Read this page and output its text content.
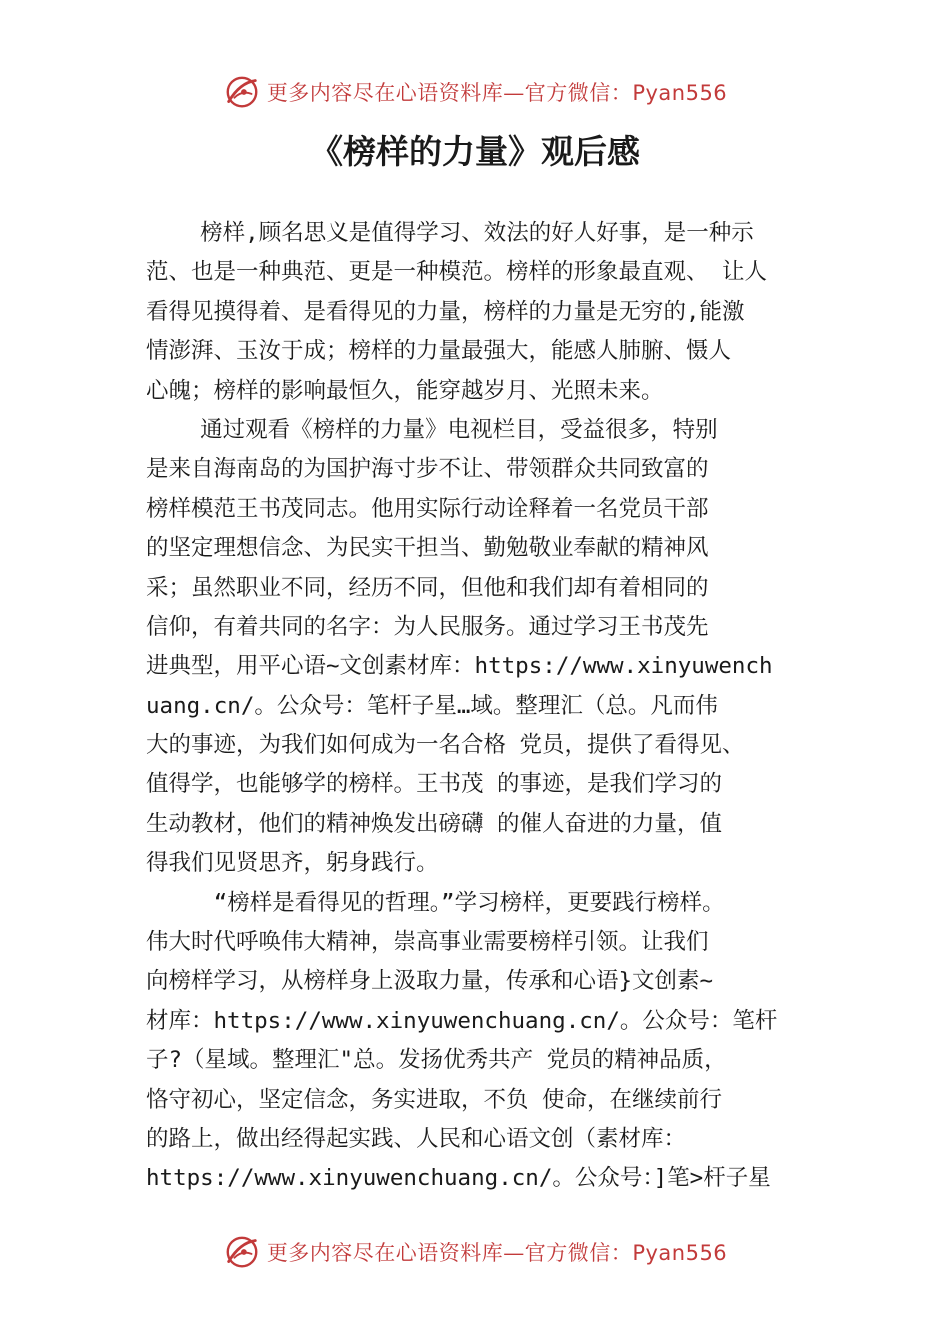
更多内容尽在心语资料库—官方微信：Pyan556
《榜样的力量》观后感
榜样,顾名思义是值得学习、效法的好人好事，是一种示
范、也是一种典范、更是一种模范。榜样的形象最直观、 让人
看得见摸得着、是看得见的力量，榜样的力量是无穷的,能激
情澎湃、玉汝于成；榜样的力量最强大，能感人肺腑、慑人
心魄；榜样的影响最恒久，能穿越岁月、光照未来。
通过观看《榜样的力量》电视栏目，受益很多，特别
是来自海南岛的为国护海寸步不让、带领群众共同致富的
榜样模范王书茂同志。他用实际行动诠释着一名党员干部
的坚定理想信念、为民实干担当、勤勉敬业奉献的精神风
采；虽然职业不同，经历不同，但他和我们却有着相同的
信仰，有着共同的名字：为人民服务。通过学习王书茂先
进典型，用平心语~文创素材库：https://www.xinyuwench
uang.cn/。公众号：笔杆子星…域。整理汇（总。凡而伟
大的事迹，为我们如何成为一名合格 党员，提供了看得见、
值得学，也能够学的榜样。王书茂 的事迹，是我们学习的
生动教材，他们的精神焕发出磅礴 的催人奋进的力量，值
得我们见贤思齐，躬身践行。
“榜样是看得见的哲理。”学习榜样，更要践行榜样。
伟大时代呼唤伟大精神，崇高事业需要榜样引领。让我们
向榜样学习，从榜样身上汲取力量，传承和心语}文创素~
材库：https://www.xinyuwenchuang.cn/。公众号：笔杆
子?（星域。整理汇"总。发扬优秀共产 党员的精神品质，
恪守初心，坚定信念，务实进取，不负 使命，在继续前行
的路上，做出经得起实践、人民和心语文创（素材库：
https://www.xinyuwenchuang.cn/。公众号：]笔>杆子星
更多内容尽在心语资料库—官方微信：Pyan556
